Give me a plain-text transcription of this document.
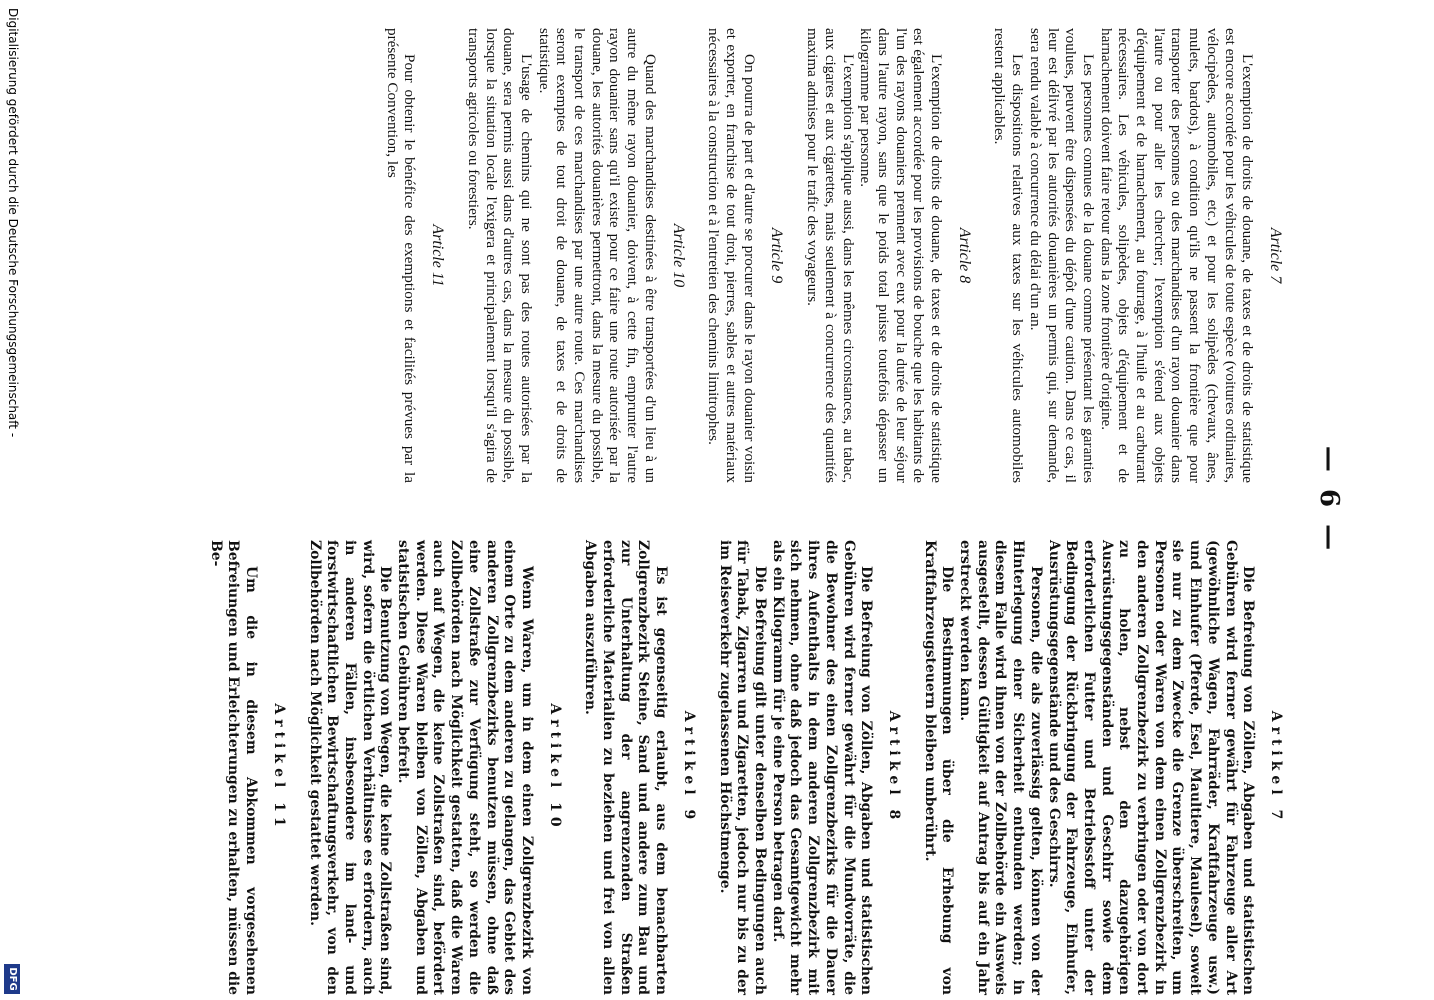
— 6 —
Article 7

L'exemption de droits de douane, de taxes et de droits de statistique est encore accordée pour les véhicules de toute espèce (voitures ordinaires, vélocipèdes, automobiles, etc.) et pour les solipèdes (chevaux, ânes, mulets, bardots), à condition qu'ils ne passent la frontière que pour transporter des personnes ou des marchandises d'un rayon douanier dans l'autre ou pour aller les chercher; l'exemption s'étend aux objets d'équipement et de harnachement, au fourrage, à l'huile et au carburant nécessaires. Les véhicules, solipèdes, objets d'équipement et de harnachement doivent faire retour dans la zone frontière d'origine.

Les personnes connues de la douane comme présentant les garanties voulues, peuvent être dispensées du dépôt d'une caution. Dans ce cas, il leur est délivré par les autorités douanières un permis qui, sur demande, sera rendu valable à concurrence du délai d'un an.

Les dispositions relatives aux taxes sur les véhicules automobiles restent applicables.

Article 8

L'exemption de droits de douane, de taxes et de droits de statistique est également accordée pour les provisions de bouche que les habitants de l'un des rayons douaniers prennent avec eux pour la durée de leur séjour dans l'autre rayon, sans que le poids total puisse toutefois dépasser un kilogramme par personne.

L'exemption s'applique aussi, dans les mêmes circonstances, au tabac, aux cigares et aux cigarettes, mais seulement à concurrence des quantités maxima admises pour le trafic des voyageurs.

Article 9

On pourra de part et d'autre se procurer dans le rayon douanier voisin et exporter, en franchise de tout droit, pierres, sables et autres matériaux nécessaires à la construction et à l'entretien des chemins limitrophes.

Article 10

Quand des marchandises destinées à être transportées d'un lieu à un autre du même rayon douanier, doivent, à cette fin, emprunter l'autre rayon douanier sans qu'il existe pour ce faire une route autorisée par la douane, les autorités douanières permettront, dans la mesure du possible, le transport de ces marchandises par une autre route. Ces marchandises seront exemptes de tout droit de douane, de taxes et de droits de statistique.

L'usage de chemins qui ne sont pas des routes autorisées par la douane, sera permis aussi dans d'autres cas, dans la mesure du possible, lorsque la situation locale l'exigera et principalement lorsqu'il s'agira de transports agricoles ou forestiers.

Article 11

Pour obtenir le bénéfice des exemptions et facilités prévues par la présente Convention, les

Artikel 7

Die Befreiung von Zöllen, Abgaben und statistischen Gebühren wird ferner gewährt für Fahrzeuge aller Art (gewöhnliche Wagen, Fahrräder, Kraftfahrzeuge usw.) und Einhufer (Pferde, Esel, Maultiere, Maulesel), soweit sie nur zu dem Zwecke die Grenze überschreiten, um Personen oder Waren von dem einen Zollgrenzbezirk in den anderen Zollgrenzbezirk zu verbringen oder von dort zu holen, nebst den dazugehörigen Ausrüstungsgegenständen und Geschirr sowie dem erforderlichen Futter und Betriebsstoff unter der Bedingung der Rückbringung der Fahrzeuge, Einhufer, Ausrüstungsgegenstände und des Geschirrs.

Personen, die als zuverlässig gelten, können von der Hinterlegung einer Sicherheit entbunden werden; in diesem Falle wird ihnen von der Zollbehörde ein Ausweis ausgestellt, dessen Gültigkeit auf Antrag bis auf ein Jahr erstreckt werden kann.

Die Bestimmungen über die Erhebung von Kraftfahrzeugsteuern bleiben unberührt.

Artikel 8

Die Befreiung von Zöllen, Abgaben und statistischen Gebühren wird ferner gewährt für die Mundvorräte, die die Bewohner des einen Zollgrenzbezirks für die Dauer ihres Aufenthalts in dem anderen Zollgrenzbezirk mit sich nehmen, ohne daß jedoch das Gesamtgewicht mehr als ein Kilogramm für je eine Person betragen darf.

Die Befreiung gilt unter denselben Bedingungen auch für Tabak, Zigarren und Zigaretten, jedoch nur bis zu der im Reiseverkehr zugelassenen Höchstmenge.

Artikel 9

Es ist gegenseitig erlaubt, aus dem benachbarten Zollgrenzbezirk Steine, Sand und andere zum Bau und zur Unterhaltung der angrenzenden Straßen erforderliche Materialien zu beziehen und frei von allen Abgaben auszuführen.

Artikel 10

Wenn Waren, um in dem einen Zollgrenzbezirk von einem Orte zu dem anderen zu gelangen, das Gebiet des anderen Zollgrenzbezirks benutzen müssen, ohne daß eine Zollstraße zur Verfügung steht, so werden die Zollbehörden nach Möglichkeit gestatten, daß die Waren auch auf Wegen, die keine Zollstraßen sind, befördert werden. Diese Waren bleiben von Zöllen, Abgaben und statistischen Gebühren befreit.

Die Benutzung von Wegen, die keine Zollstraßen sind, wird, sofern die örtlichen Verhältnisse es erfordern, auch in anderen Fällen, insbesondere im land- und forstwirtschaftlichen Bewirtschaftungsverkehr, von den Zollbehörden nach Möglichkeit gestattet werden.

Artikel 11

Um die in diesem Abkommen vorgesehenen Befreiungen und Erleichterungen zu erhalten, müssen die Be-

Digitalisierung gefördert durch die Deutsche Forschungsgemeinschaft -
DFG
